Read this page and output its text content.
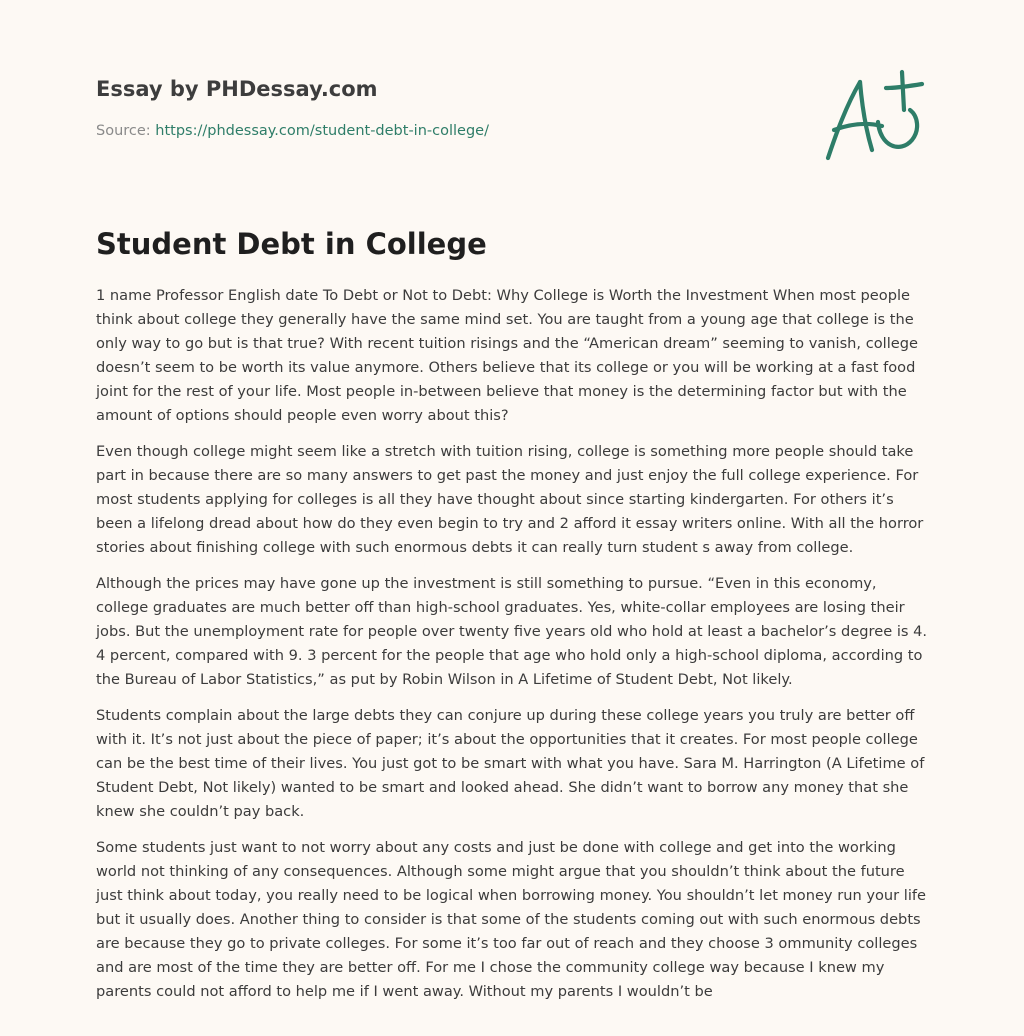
Essay by PHDessay.com
Source: https://phdessay.com/student-debt-in-college/
Student Debt in College

1 name Professor English date To Debt or Not to Debt: Why College is Worth the Investment When most people think about college they generally have the same mind set. You are taught from a young age that college is the only way to go but is that true? With recent tuition risings and the “American dream” seeming to vanish, college doesn’t seem to be worth its value anymore. Others believe that its college or you will be working at a fast food joint for the rest of your life. Most people in-between believe that money is the determining factor but with the amount of options should people even worry about this?

Even though college might seem like a stretch with tuition rising, college is something more people should take part in because there are so many answers to get past the money and just enjoy the full college experience. For most students applying for colleges is all they have thought about since starting kindergarten. For others it’s been a lifelong dread about how do they even begin to try and 2 afford it essay writers online. With all the horror stories about finishing college with such enormous debts it can really turn student s away from college.

Although the prices may have gone up the investment is still something to pursue. “Even in this economy, college graduates are much better off than high-school graduates. Yes, white-collar employees are losing their jobs. But the unemployment rate for people over twenty five years old who hold at least a bachelor’s degree is 4. 4 percent, compared with 9. 3 percent for the people that age who hold only a high-school diploma, according to the Bureau of Labor Statistics,” as put by Robin Wilson in A Lifetime of Student Debt, Not likely.

Students complain about the large debts they can conjure up during these college years you truly are better off with it. It’s not just about the piece of paper; it’s about the opportunities that it creates. For most people college can be the best time of their lives. You just got to be smart with what you have. Sara M. Harrington (A Lifetime of Student Debt, Not likely) wanted to be smart and looked ahead. She didn’t want to borrow any money that she knew she couldn’t pay back.

Some students just want to not worry about any costs and just be done with college and get into the working world not thinking of any consequences. Although some might argue that you shouldn’t think about the future just think about today, you really need to be logical when borrowing money. You shouldn’t let money run your life but it usually does. Another thing to consider is that some of the students coming out with such enormous debts are because they go to private colleges. For some it’s too far out of reach and they choose 3 ommunity colleges and are most of the time they are better off. For me I chose the community college way because I knew my parents could not afford to help me if I went away. Without my parents I wouldn’t be
